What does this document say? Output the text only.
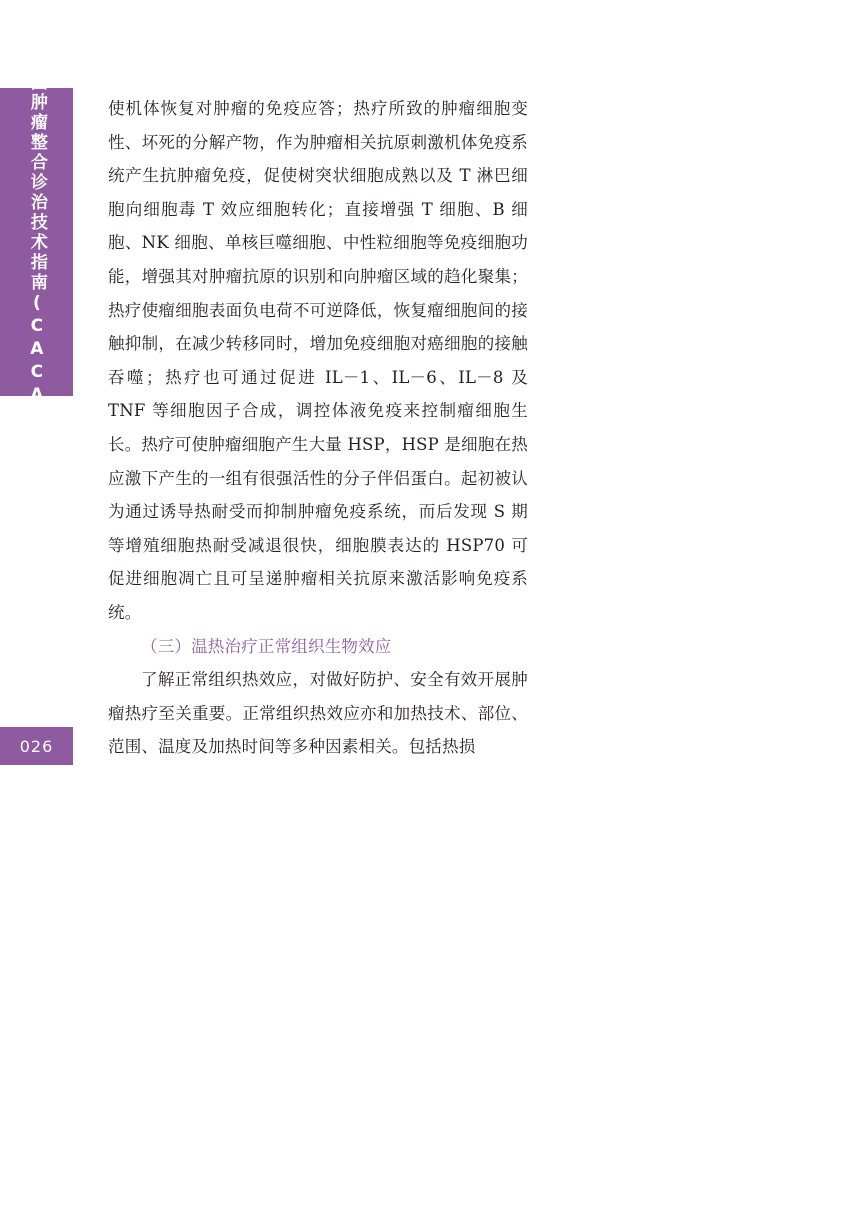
中国肿瘤整合诊治技术指南(CACA)
026

使机体恢复对肿瘤的免疫应答；热疗所致的肿瘤细胞变性、坏死的分解产物，作为肿瘤相关抗原刺激机体免疫系统产生抗肿瘤免疫，促使树突状细胞成熟以及 T 淋巴细胞向细胞毒 T 效应细胞转化；直接增强 T 细胞、B 细胞、NK 细胞、单核巨噬细胞、中性粒细胞等免疫细胞功能，增强其对肿瘤抗原的识别和向肿瘤区域的趋化聚集；热疗使瘤细胞表面负电荷不可逆降低，恢复瘤细胞间的接触抑制，在减少转移同时，增加免疫细胞对癌细胞的接触吞噬；热疗也可通过促进 IL－1、IL－6、IL－8 及 TNF 等细胞因子合成，调控体液免疫来控制瘤细胞生长。热疗可使肿瘤细胞产生大量 HSP，HSP 是细胞在热应激下产生的一组有很强活性的分子伴侣蛋白。起初被认为通过诱导热耐受而抑制肿瘤免疫系统，而后发现 S 期等增殖细胞热耐受减退很快，细胞膜表达的 HSP70 可促进细胞凋亡且可呈递肿瘤相关抗原来激活影响免疫系统。

（三）温热治疗正常组织生物效应

了解正常组织热效应，对做好防护、安全有效开展肿瘤热疗至关重要。正常组织热效应亦和加热技术、部位、范围、温度及加热时间等多种因素相关。包括热损
